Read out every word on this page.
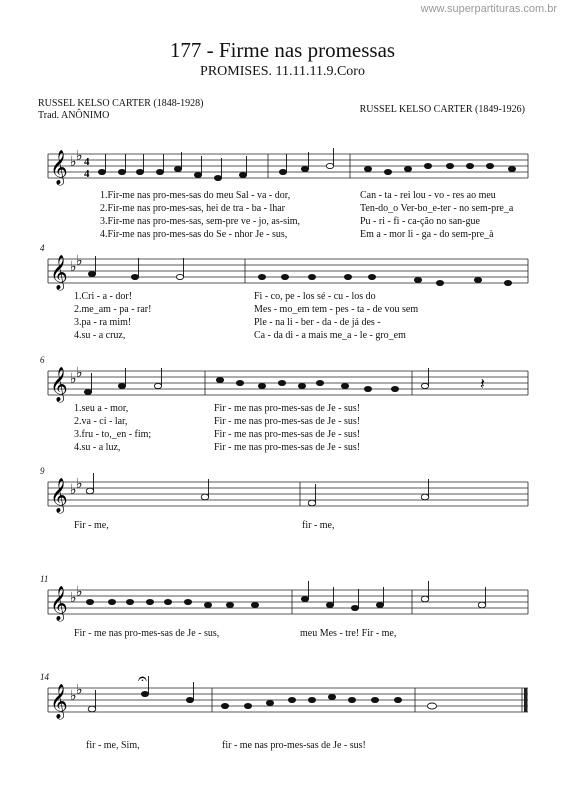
www.superpartituras.com.br
177 - Firme nas promessas
PROMISES. 11.11.11.9.Coro
RUSSEL KELSO CARTER (1848-1928)
Trad. ANÔNIMO
RUSSEL KELSO CARTER (1849-1926)
𝄞 ♭ ♭ 4
4
1.Fir-me nas pro-mes-sas do meu Sal - va - dor,	Can - ta - rei lou - vo - res ao meu
2.Fir-me nas pro-mes-sas, hei de tra - ba - lhar	Ten-do_o Ver-bo_e-ter - no sem-pre_a
3.Fir-me nas pro-mes-sas, sem-pre ve - jo, as-sim,	Pu - ri - fi - ca-ção no san-gue
4.Fir-me nas pro-mes-sas do Se - nhor Je - sus,	Em a - mor li - ga - do sem-pre_à
4
𝄞 ♭ ♭
1.Cri - a - dor!	Fi - co, pe - los sé - cu - los do
2.me_am - pa - rar!	Mes - mo_em tem - pes - ta - de vou sem
3.pa - ra mim!	Ple - na li - ber - da - de já des -
4.su - a cruz,	Ca - da di - a mais me_a - le - gro_em
6
𝄞 ♭ ♭
𝄽
1.seu a - mor,	Fir - me nas pro-mes-sas de Je - sus!
2.va - ci - lar,	Fir - me nas pro-mes-sas de Je - sus!
3.fru - to,_en - fim;	Fir - me nas pro-mes-sas de Je - sus!
4.su - a luz,	Fir - me nas pro-mes-sas de Je - sus!
9
𝄞 ♭ ♭
Fir - me,	fir - me,
11
𝄞 ♭ ♭
Fir - me nas pro-mes-sas de Je - sus,	meu Mes - tre! Fir - me,
14
𝄞 ♭ ♭
𝄐
fir - me, Sim,	fir - me nas pro-mes-sas de Je - sus!
